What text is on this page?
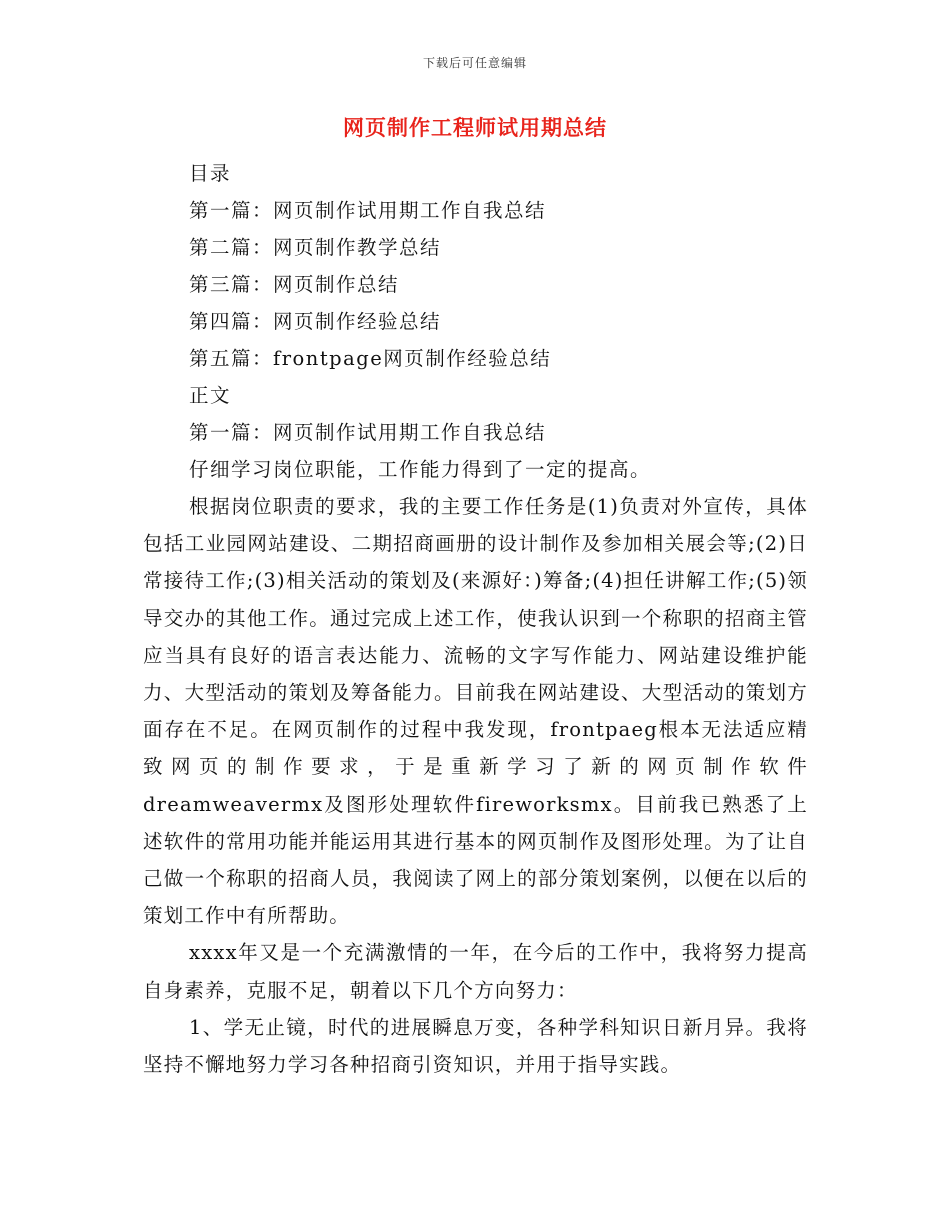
下载后可任意编辑
网页制作工程师试用期总结
目录
第一篇：网页制作试用期工作自我总结
第二篇：网页制作教学总结
第三篇：网页制作总结
第四篇：网页制作经验总结
第五篇：frontpage网页制作经验总结
正文
第一篇：网页制作试用期工作自我总结
仔细学习岗位职能，工作能力得到了一定的提高。

根据岗位职责的要求，我的主要工作任务是(1)负责对外宣传，具体包括工业园网站建设、二期招商画册的设计制作及参加相关展会等;(2)日常接待工作;(3)相关活动的策划及(来源好：)筹备;(4)担任讲解工作;(5)领导交办的其他工作。通过完成上述工作，使我认识到一个称职的招商主管应当具有良好的语言表达能力、流畅的文字写作能力、网站建设维护能力、大型活动的策划及筹备能力。目前我在网站建设、大型活动的策划方面存在不足。在网页制作的过程中我发现，frontpaeg根本无法适应精致网页的制作要求，于是重新学习了新的网页制作软件dreamweavermx及图形处理软件fireworksmx。目前我已熟悉了上述软件的常用功能并能运用其进行基本的网页制作及图形处理。为了让自己做一个称职的招商人员，我阅读了网上的部分策划案例，以便在以后的策划工作中有所帮助。

xxxx年又是一个充满激情的一年，在今后的工作中，我将努力提高自身素养，克服不足，朝着以下几个方向努力：

1、学无止镜，时代的进展瞬息万变，各种学科知识日新月异。我将坚持不懈地努力学习各种招商引资知识，并用于指导实践。
